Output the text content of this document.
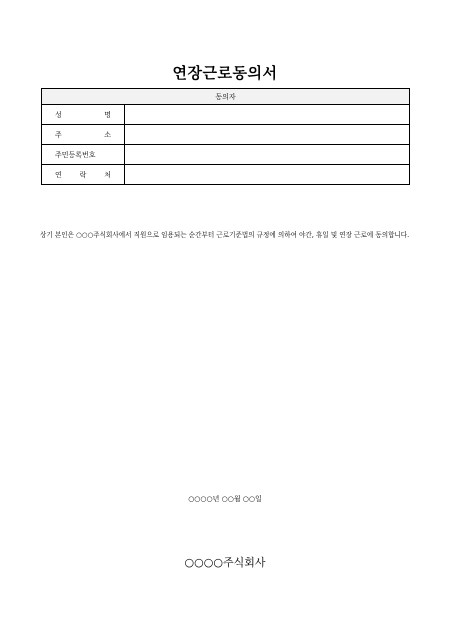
연장근로동의서
동의자	
성 명	
주 소	
주민등록번호	
연 락 처	
상기 본인은 ○○○주식회사에서 직원으로 임용되는 순간부터 근로기준법의 규정에 의하여 야간, 휴일 및 연장 근로에 동의합니다.
○○○○년 ○○월 ○○일
○○○○주식회사
